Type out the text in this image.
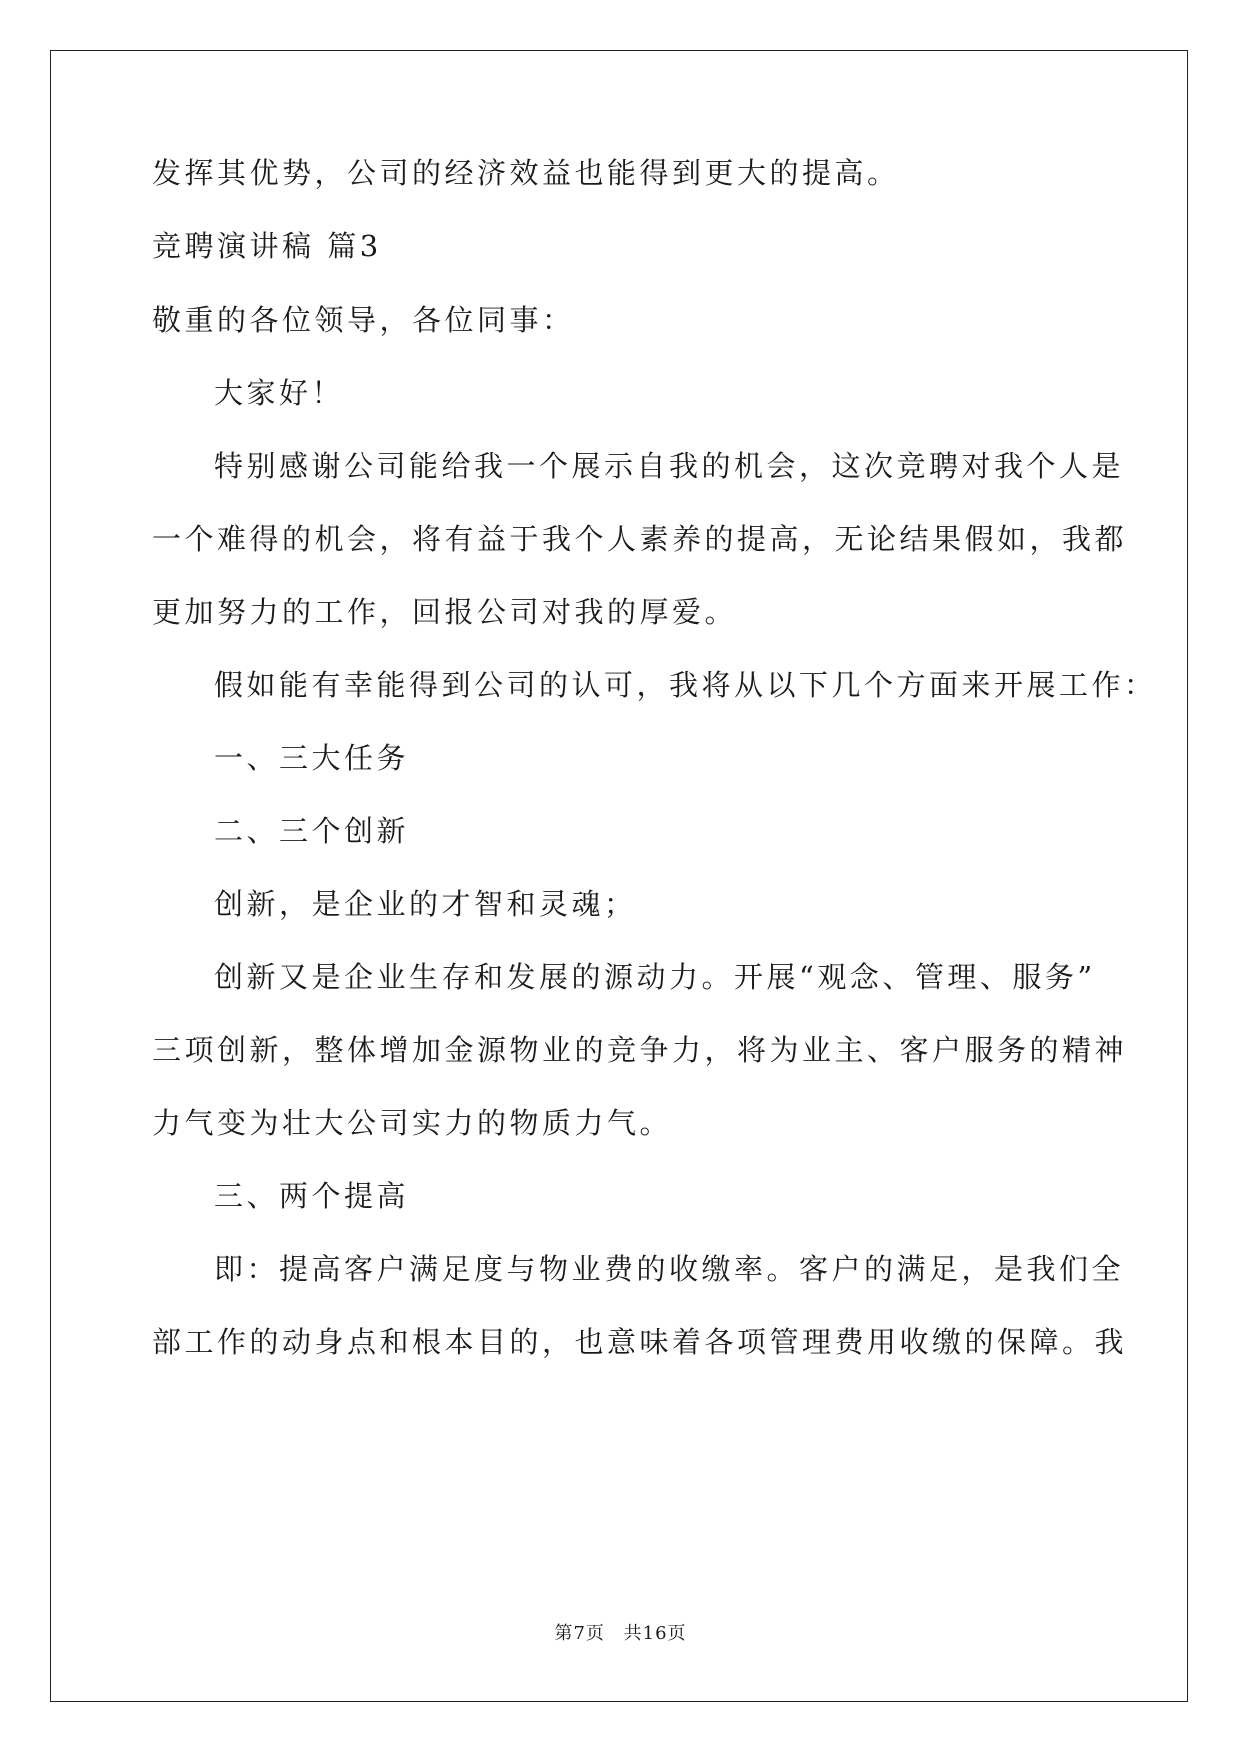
发挥其优势，公司的经济效益也能得到更大的提高。
竞聘演讲稿 篇3
敬重的各位领导，各位同事：
大家好！
特别感谢公司能给我一个展示自我的机会，这次竞聘对我个人是
一个难得的机会，将有益于我个人素养的提高，无论结果假如，我都
更加努力的工作，回报公司对我的厚爱。
假如能有幸能得到公司的认可，我将从以下几个方面来开展工作：
一、三大任务
二、三个创新
创新，是企业的才智和灵魂；
创新又是企业生存和发展的源动力。开展“观念、管理、服务”
三项创新，整体增加金源物业的竞争力，将为业主、客户服务的精神
力气变为壮大公司实力的物质力气。
三、两个提高
即：提高客户满足度与物业费的收缴率。客户的满足，是我们全
部工作的动身点和根本目的，也意味着各项管理费用收缴的保障。我
第7页 共16页
